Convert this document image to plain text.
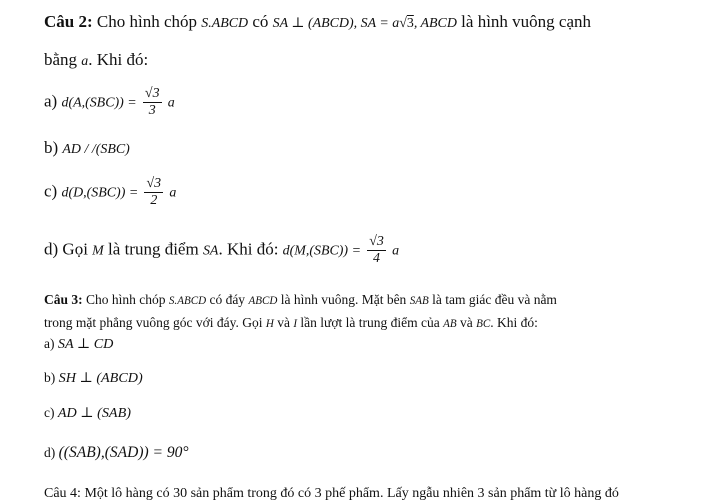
Câu 2: Cho hình chóp S.ABCD có SA ⊥ (ABCD), SA = a√3, ABCD là hình vuông cạnh
bằng a. Khi đó:
a) $d(A,(SBC)) = \frac{√3}{3}$ a
b) AD / /(SBC)
c) $d(D,(SBC)) = \frac{√3}{2}$ a
d) Gọi M là trung điểm SA. Khi đó: $d(M,(SBC)) = \frac{√3}{4}$ a
Câu 3: Cho hình chóp S.ABCD có đáy ABCD là hình vuông. Mặt bên SAB là tam giác đều và nằm
trong mặt phẳng vuông góc với đáy. Gọi H và I lần lượt là trung điểm của AB và BC. Khi đó:
a) SA ⊥ CD
b) SH ⊥ (ABCD)
c) AD ⊥ (SAB)
d) ((SAB),(SAD)) = 90°
Câu 4: Một lô hàng có 30 sản phẩm trong đó có 3 phế phẩm. Lấy ngẫu nhiên 3 sản phẩm từ lô hàng đó
